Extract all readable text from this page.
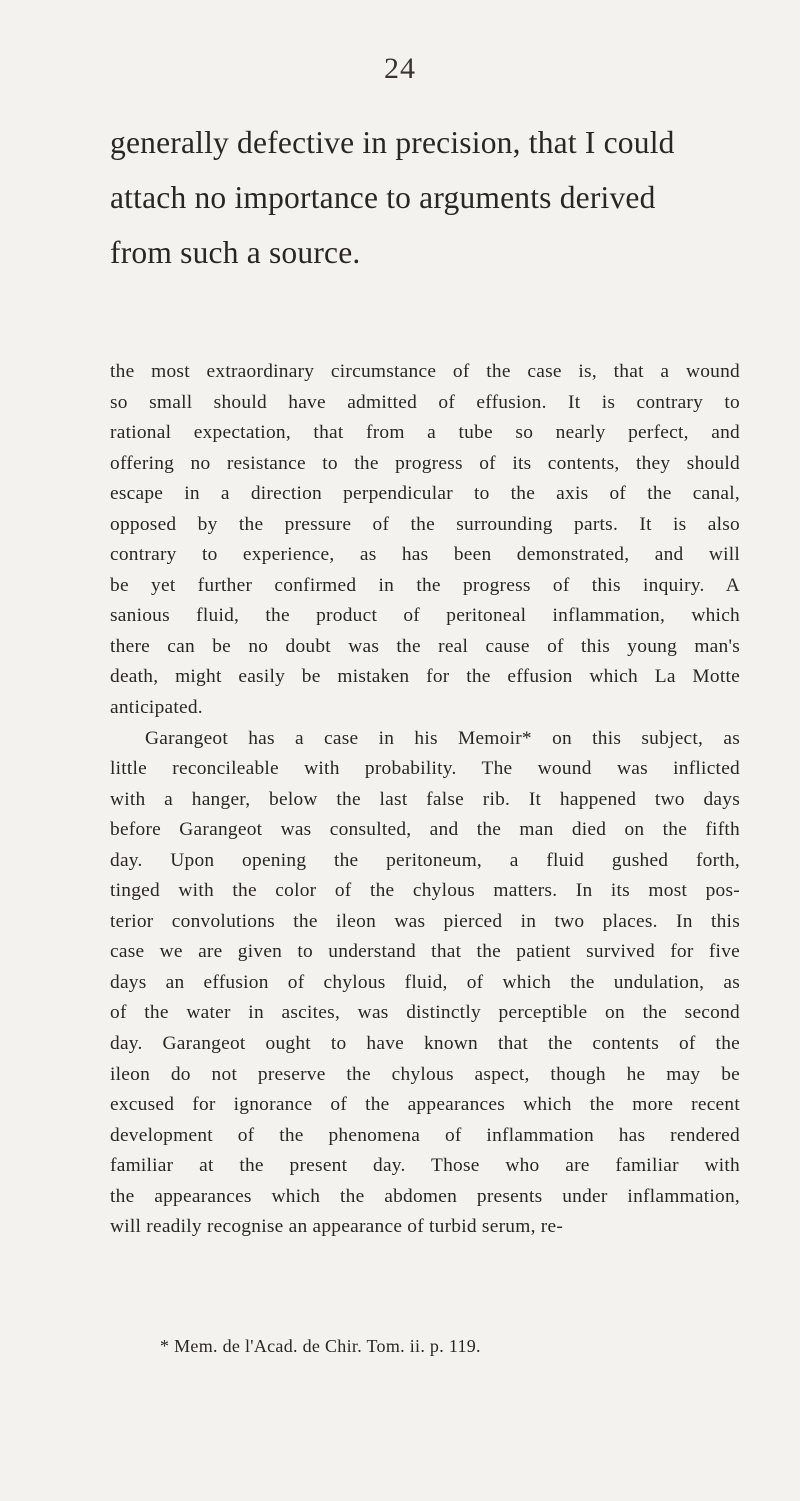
24
generally defective in precision, that I could
attach no importance to arguments derived
from such a source.
the most extraordinary circumstance of the case is, that a wound
so small should have admitted of effusion. It is contrary to
rational expectation, that from a tube so nearly perfect, and
offering no resistance to the progress of its contents, they should
escape in a direction perpendicular to the axis of the canal,
opposed by the pressure of the surrounding parts. It is also
contrary to experience, as has been demonstrated, and will
be yet further confirmed in the progress of this inquiry. A
sanious fluid, the product of peritoneal inflammation, which
there can be no doubt was the real cause of this young man's
death, might easily be mistaken for the effusion which La Motte
anticipated.
Garangeot has a case in his Memoir* on this subject, as
little reconcileable with probability. The wound was inflicted
with a hanger, below the last false rib. It happened two days
before Garangeot was consulted, and the man died on the fifth
day. Upon opening the peritoneum, a fluid gushed forth,
tinged with the color of the chylous matters. In its most pos-
terior convolutions the ileon was pierced in two places. In this
case we are given to understand that the patient survived for five
days an effusion of chylous fluid, of which the undulation, as
of the water in ascites, was distinctly perceptible on the second
day. Garangeot ought to have known that the contents of the
ileon do not preserve the chylous aspect, though he may be
excused for ignorance of the appearances which the more recent
development of the phenomena of inflammation has rendered
familiar at the present day. Those who are familiar with
the appearances which the abdomen presents under inflammation,
will readily recognise an appearance of turbid serum, re-
* Mem. de l'Acad. de Chir. Tom. ii. p. 119.
